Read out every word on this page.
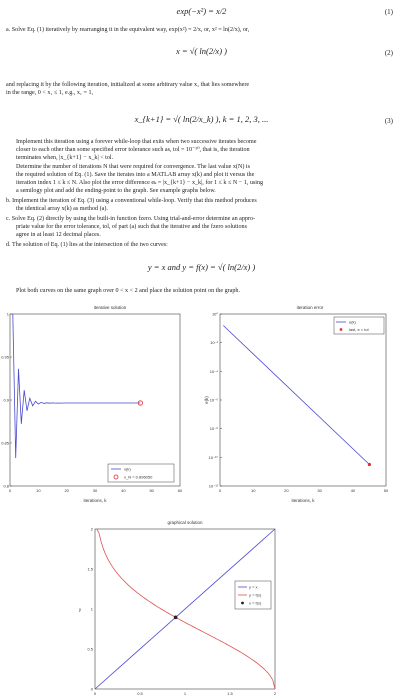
exp(−x²) = x/2	(1)
a. Solve Eq. (1) iteratively by rearranging it in the equivalent way, exp(x²) = 2/x, or, x² = ln(2/x), or,
x = √( ln(2/x) )	(2)
and replacing it by the following iteration, initialized at some arbitrary value x₁ that lies somewhere
in the range, 0 < x₁ ≤ 1, e.g., x₁ = 1,
x_{k+1} = √( ln(2/x_k) ), k = 1, 2, 3, ...	(3)
Implement this iteration using a forever while-loop that exits when two successive iterates become
closer to each other than some specified error tolerance such as, tol = 10⁻¹⁰, that is, the iteration
terminates when, |x_{k+1} − x_k| < tol.
Determine the number of iterations N that were required for convergence. The last value x(N) is
the required solution of Eq. (1). Save the iterates into a MATLAB array x(k) and plot it versus the
iteration index 1 ≤ k ≤ N. Also plot the error difference eₖ = |x_{k+1} − x_k|, for 1 ≤ k ≤ N − 1, using
a semilogy plot and add the ending-point to the graph. See example graphs below.
b. Implement the iteration of Eq. (3) using a conventional while-loop. Verify that this method produces
the identical array x(k) as method (a).
c. Solve Eq. (2) directly by using the built-in function fzero. Using trial-and-error determine an appro-
priate value for the error tolerance, tol, of part (a) such that the iterative and the fzero solutions
agree in at least 12 decimal places.
d. The solution of Eq. (1) lies at the intersection of the two curves:
y = x and y = f(x) = √( ln(2/x) )
Plot both curves on the same graph over 0 < x < 2 and place the solution point on the graph.
iterative solution
1
0.95
0.9
0.85
0.8
0	10	20	30	40	50	60
x(k)
x_N = 0.896050
iterations, k
iteration error
10⁰
10⁻²
10⁻⁴
10⁻⁶
10⁻⁸
10⁻¹⁰
10⁻¹²
0	10	20	30	40	50
e(k)
e(k)
last, e < tol
iterations, k
graphical solution
2
1.5
1
0.5
0
0	0.5	1	1.5	2
y
y = x
y = f(x)
x = f(x)
